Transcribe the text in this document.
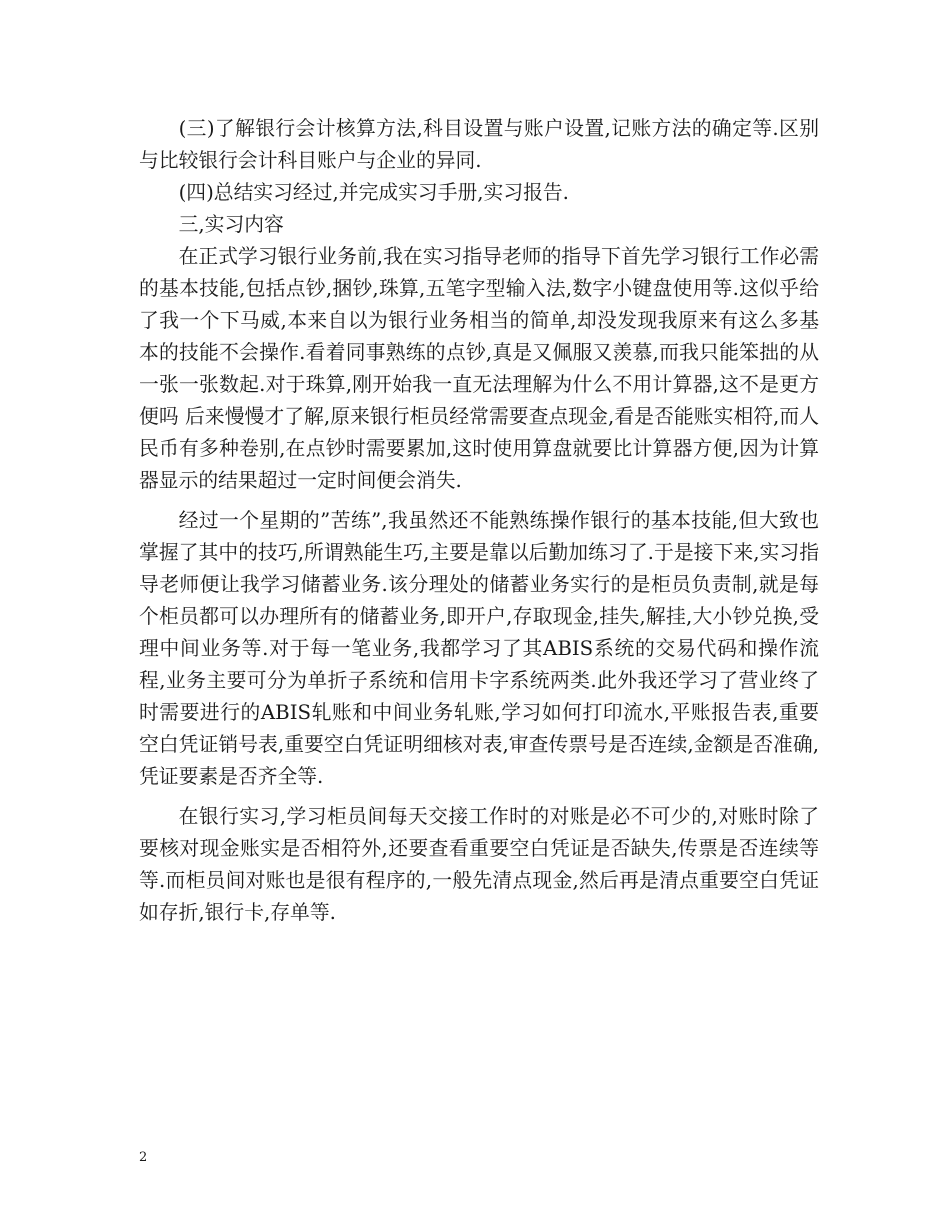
(三)了解银行会计核算方法,科目设置与账户设置,记账方法的确定等.区别与比较银行会计科目账户与企业的异同.

(四)总结实习经过,并完成实习手册,实习报告.

三,实习内容

在正式学习银行业务前,我在实习指导老师的指导下首先学习银行工作必需的基本技能,包括点钞,捆钞,珠算,五笔字型输入法,数字小键盘使用等.这似乎给了我一个下马威,本来自以为银行业务相当的简单,却没发现我原来有这么多基本的技能不会操作.看着同事熟练的点钞,真是又佩服又羡慕,而我只能笨拙的从一张一张数起.对于珠算,刚开始我一直无法理解为什么不用计算器,这不是更方便吗 后来慢慢才了解,原来银行柜员经常需要查点现金,看是否能账实相符,而人民币有多种卷别,在点钞时需要累加,这时使用算盘就要比计算器方便,因为计算器显示的结果超过一定时间便会消失.

经过一个星期的”苦练”,我虽然还不能熟练操作银行的基本技能,但大致也掌握了其中的技巧,所谓熟能生巧,主要是靠以后勤加练习了.于是接下来,实习指导老师便让我学习储蓄业务.该分理处的储蓄业务实行的是柜员负责制,就是每个柜员都可以办理所有的储蓄业务,即开户,存取现金,挂失,解挂,大小钞兑换,受理中间业务等.对于每一笔业务,我都学习了其ABIS系统的交易代码和操作流程,业务主要可分为单折子系统和信用卡字系统两类.此外我还学习了营业终了时需要进行的ABIS轧账和中间业务轧账,学习如何打印流水,平账报告表,重要空白凭证销号表,重要空白凭证明细核对表,审查传票号是否连续,金额是否准确,凭证要素是否齐全等.

在银行实习,学习柜员间每天交接工作时的对账是必不可少的,对账时除了要核对现金账实是否相符外,还要查看重要空白凭证是否缺失,传票是否连续等等.而柜员间对账也是很有程序的,一般先清点现金,然后再是清点重要空白凭证如存折,银行卡,存单等.

2
